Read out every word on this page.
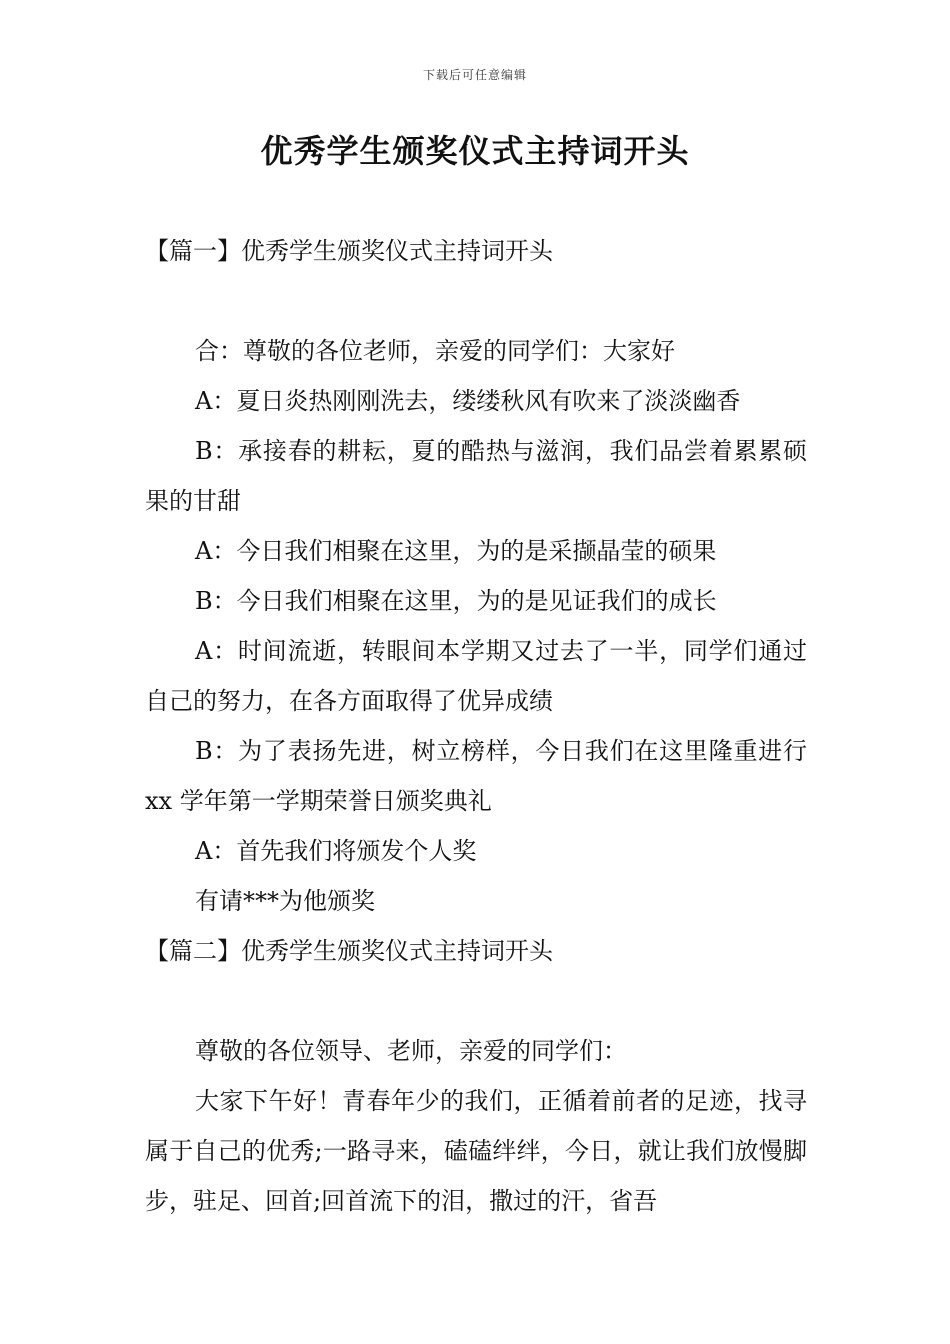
下载后可任意编辑
优秀学生颁奖仪式主持词开头

【篇一】优秀学生颁奖仪式主持词开头

合：尊敬的各位老师，亲爱的同学们：大家好

A：夏日炎热刚刚洗去，缕缕秋风有吹来了淡淡幽香

B：承接春的耕耘，夏的酷热与滋润，我们品尝着累累硕果的甘甜

A：今日我们相聚在这里，为的是采撷晶莹的硕果

B：今日我们相聚在这里，为的是见证我们的成长

A：时间流逝，转眼间本学期又过去了一半，同学们通过自己的努力，在各方面取得了优异成绩

B：为了表扬先进，树立榜样，今日我们在这里隆重进行 xx 学年第一学期荣誉日颁奖典礼

A：首先我们将颁发个人奖

有请***为他颁奖

【篇二】优秀学生颁奖仪式主持词开头

尊敬的各位领导、老师，亲爱的同学们：

大家下午好！青春年少的我们，正循着前者的足迹，找寻属于自己的优秀;一路寻来，磕磕绊绊，今日，就让我们放慢脚步，驻足、回首;回首流下的泪，撒过的汗，省吾
